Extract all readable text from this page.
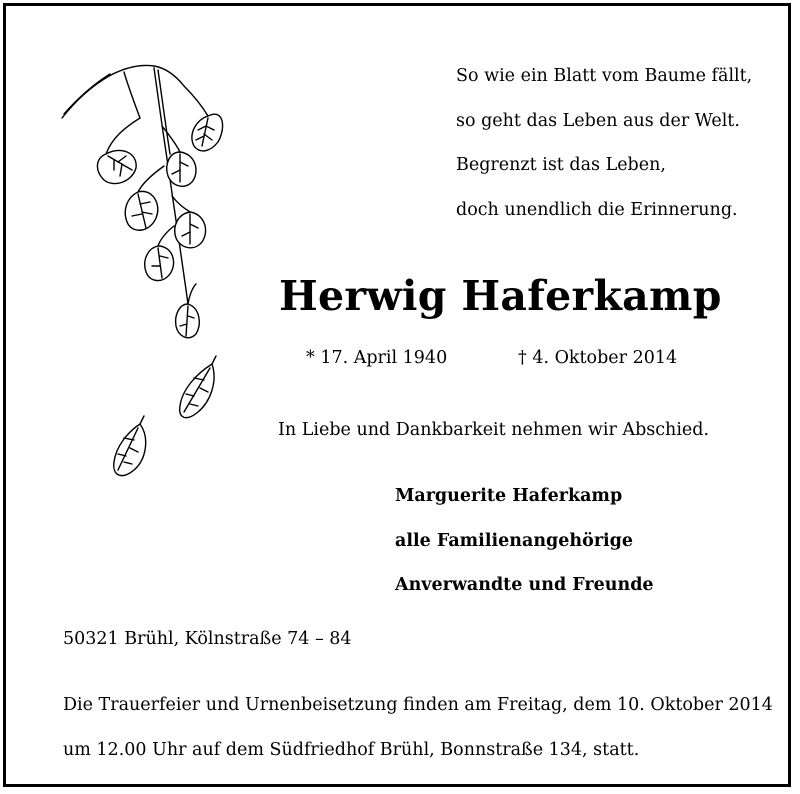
So wie ein Blatt vom Baume fällt,
so geht das Leben aus der Welt.
Begrenzt ist das Leben,
doch unendlich die Erinnerung.
Herwig Haferkamp
* 17. April 1940	† 4. Oktober 2014
In Liebe und Dankbarkeit nehmen wir Abschied.
Marguerite Haferkamp
alle Familienangehörige
Anverwandte und Freunde
50321 Brühl, Kölnstraße 74 – 84
Die Trauerfeier und Urnenbeisetzung finden am Freitag, dem 10. Oktober 2014
um 12.00 Uhr auf dem Südfriedhof Brühl, Bonnstraße 134, statt.
